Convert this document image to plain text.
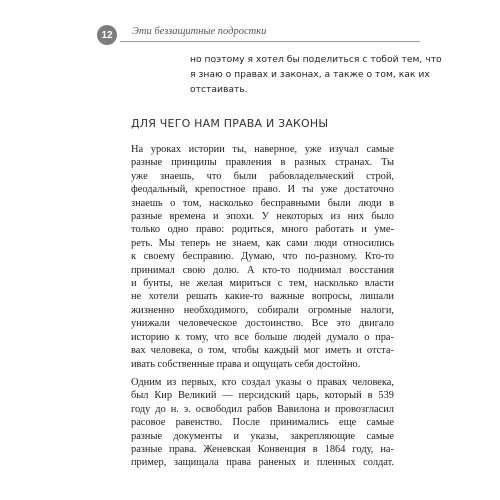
12	Эти беззащитные подростки
но поэтому я хотел бы поделиться с тобой тем, что
я знаю о правах и законах, а также о том, как их
отстаивать.
ДЛЯ ЧЕГО НАМ ПРАВА И ЗАКОНЫ
На уроках истории ты, наверное, уже изучал самые
разные принципы правления в разных странах. Ты
уже знаешь, что были рабовладельческий строй,
феодальный, крепостное право. И ты уже достаточно
знаешь о том, насколько бесправными были люди в
разные времена и эпохи. У некоторых из них было
только одно право: родиться, много работать и уме-
реть. Мы теперь не знаем, как сами люди относились
к своему бесправию. Думаю, что по-разному. Кто-то
принимал свою долю. А кто-то поднимал восстания
и бунты, не желая мириться с тем, насколько власти
не хотели решать какие-то важные вопросы, лишали
жизненно необходимого, собирали огромные налоги,
унижали человеческое достоинство. Все это двигало
историю к тому, что все больше людей думало о пра-
вах человека, о том, чтобы каждый мог иметь и отста-
ивать собственные права и ощущать себя достойно.
Одним из первых, кто создал указы о правах человека,
был Кир Великий — персидский царь, который в 539
году до н. э. освободил рабов Вавилона и провозгласил
расовое равенство. После принимались еще самые
разные документы и указы, закрепляющие самые
разные права. Женевская Конвенция в 1864 году, на-
пример, защищала права раненых и пленных солдат.
